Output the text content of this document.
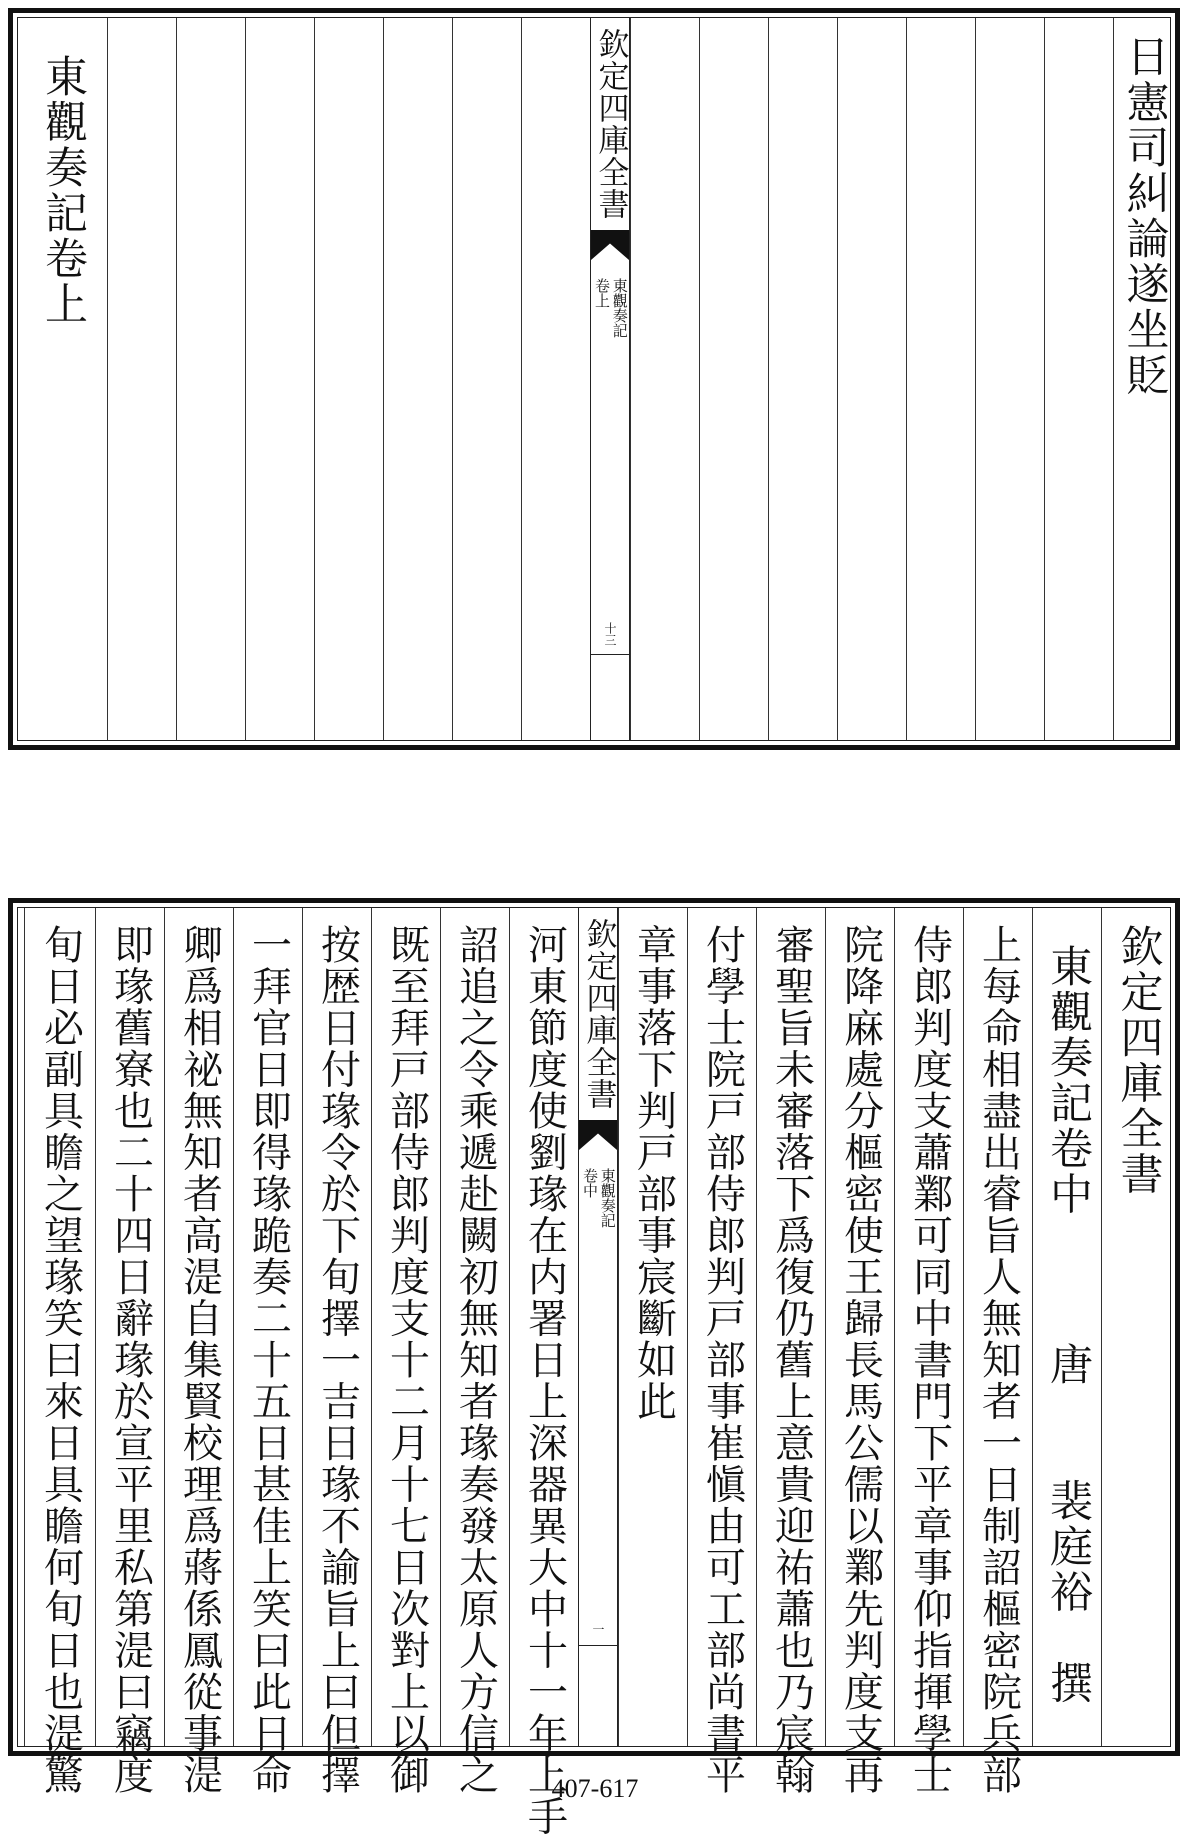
日憲司糾論遂坐貶
欽定四庫全書
東觀奏記
卷上
十三
東觀奏記卷上
欽定四庫全書
東觀奏記卷中
唐　　裴庭裕　撰
上每命相盡出睿旨人無知者一日制詔樞密院兵部
侍郎判度支蕭鄴可同中書門下平章事仰指揮學士
院降麻處分樞密使王歸長馬公儒以鄴先判度支再
審聖旨未審落下爲復仍舊上意貴迎祐蕭也乃宸翰
付學士院戸部侍郎判戸部事崔愼由可工部尚書平
章事落下判戸部事宸斷如此
欽定四庫全書
東觀奏記
卷中
一
河東節度使劉瑑在内署日上深器異大中十一年上手
詔追之令乘遞赴闕初無知者瑑奏發太原人方信之
既至拜戸部侍郎判度支十二月十七日次對上以御
按歴日付瑑令於下旬擇一吉日瑑不諭旨上曰但擇
一拜官日即得瑑跪奏二十五日甚佳上笑曰此日命
卿爲相祕無知者高湜自集賢校理爲蔣係鳳從事湜
即瑑舊寮也二十四日辭瑑於宣平里私第湜曰竊度
旬日必副具瞻之望瑑笑曰來日具瞻何旬日也湜驚	407-617
